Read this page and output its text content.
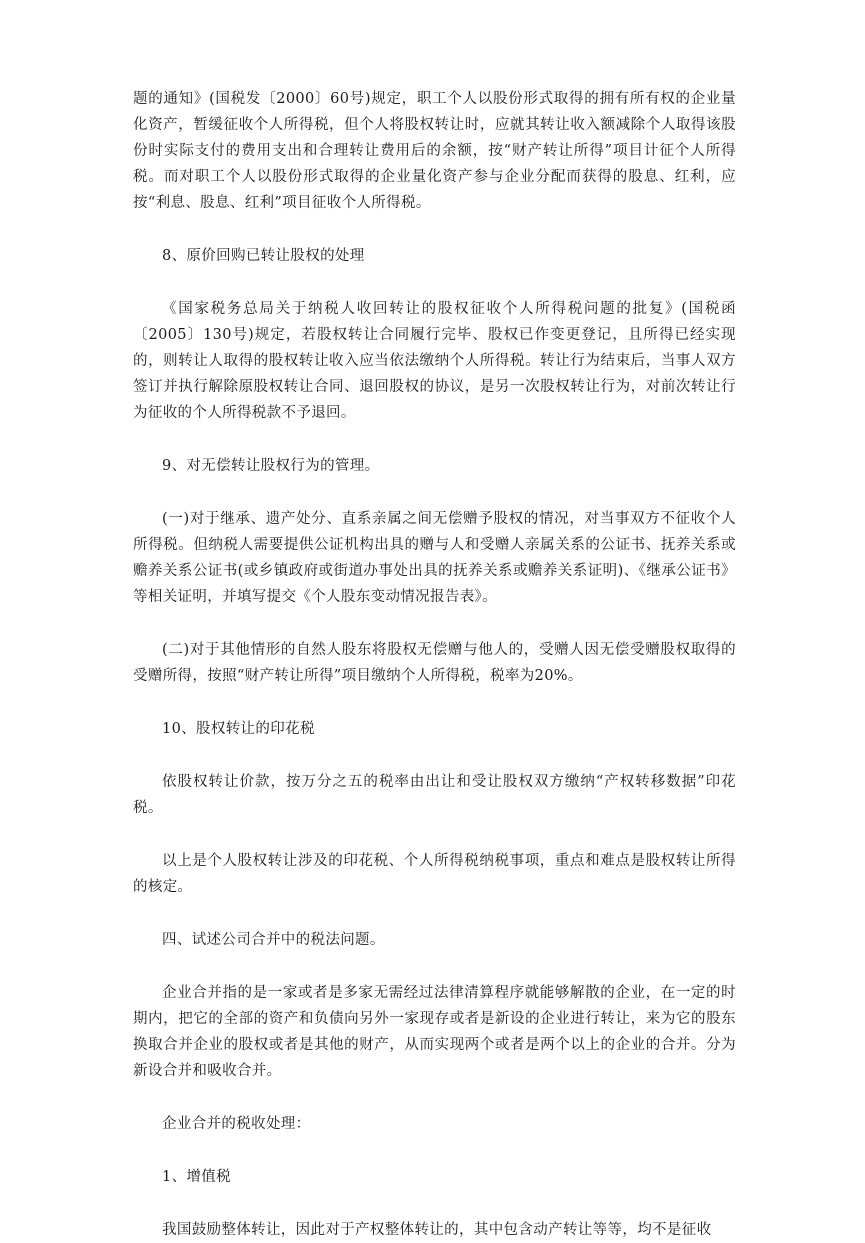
题的通知》(国税发〔2000〕60号)规定，职工个人以股份形式取得的拥有所有权的企业量化资产，暂缓征收个人所得税，但个人将股权转让时，应就其转让收入额减除个人取得该股份时实际支付的费用支出和合理转让费用后的余额，按“财产转让所得”项目计征个人所得税。而对职工个人以股份形式取得的企业量化资产参与企业分配而获得的股息、红利，应按“利息、股息、红利”项目征收个人所得税。

8、原价回购已转让股权的处理

《国家税务总局关于纳税人收回转让的股权征收个人所得税问题的批复》(国税函〔2005〕130号)规定，若股权转让合同履行完毕、股权已作变更登记，且所得已经实现的，则转让人取得的股权转让收入应当依法缴纳个人所得税。转让行为结束后，当事人双方签订并执行解除原股权转让合同、退回股权的协议，是另一次股权转让行为，对前次转让行为征收的个人所得税款不予退回。

9、对无偿转让股权行为的管理。

(一)对于继承、遗产处分、直系亲属之间无偿赠予股权的情况，对当事双方不征收个人所得税。但纳税人需要提供公证机构出具的赠与人和受赠人亲属关系的公证书、抚养关系或赡养关系公证书(或乡镇政府或街道办事处出具的抚养关系或赡养关系证明)、《继承公证书》等相关证明，并填写提交《个人股东变动情况报告表》。

(二)对于其他情形的自然人股东将股权无偿赠与他人的，受赠人因无偿受赠股权取得的受赠所得，按照“财产转让所得”项目缴纳个人所得税，税率为20%。

10、股权转让的印花税

依股权转让价款，按万分之五的税率由出让和受让股权双方缴纳“产权转移数据”印花税。

以上是个人股权转让涉及的印花税、个人所得税纳税事项，重点和难点是股权转让所得的核定。

四、试述公司合并中的税法问题。

企业合并指的是一家或者是多家无需经过法律清算程序就能够解散的企业，在一定的时期内，把它的全部的资产和负债向另外一家现存或者是新设的企业进行转让，来为它的股东换取合并企业的股权或者是其他的财产，从而实现两个或者是两个以上的企业的合并。分为新设合并和吸收合并。

企业合并的税收处理：

1、增值税

我国鼓励整体转让，因此对于产权整体转让的，其中包含动产转让等等，均不是征收
